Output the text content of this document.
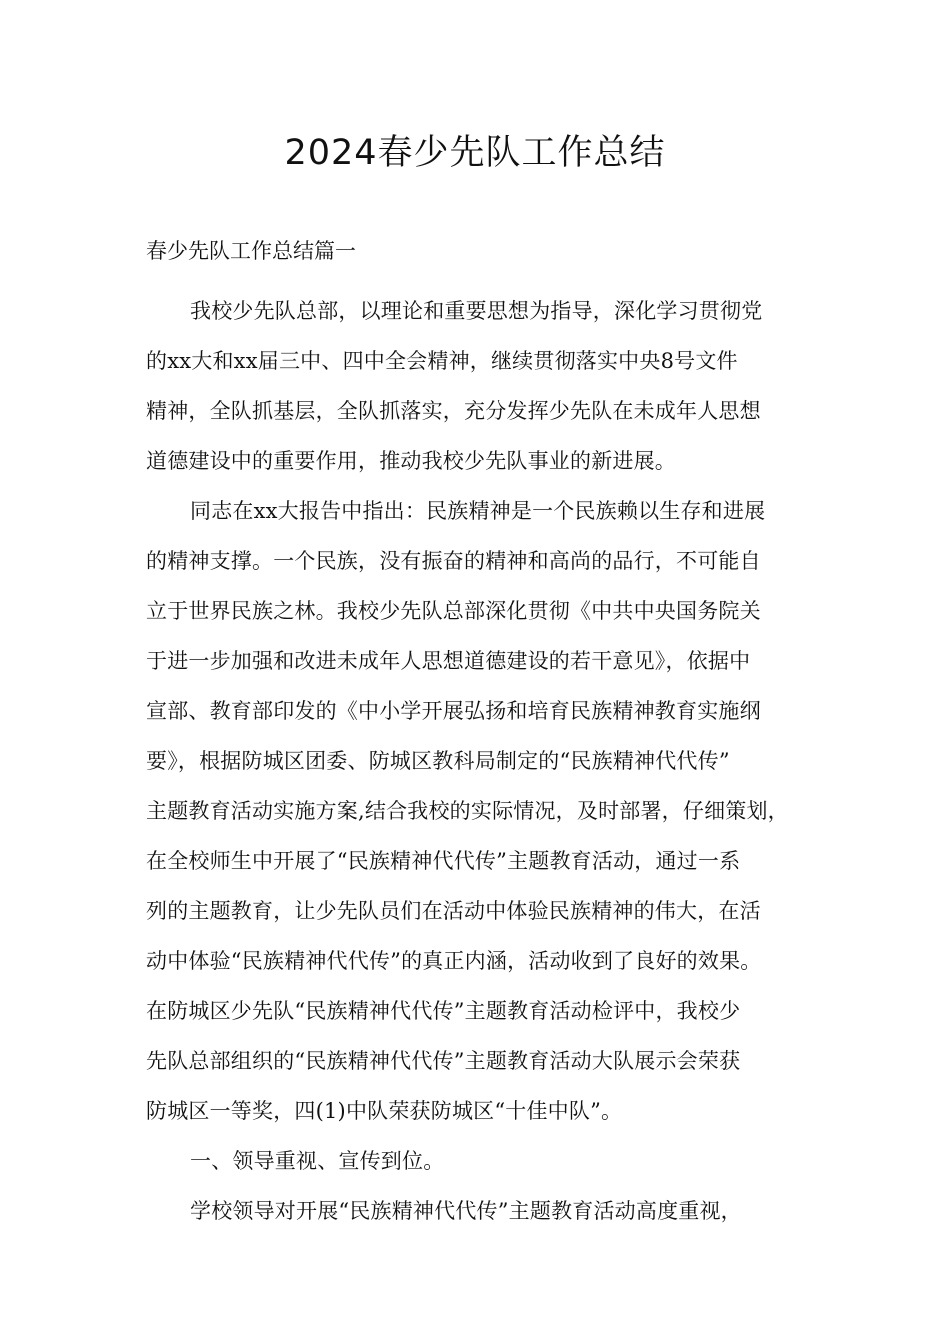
2024春少先队工作总结

春少先队工作总结篇一

我校少先队总部，以理论和重要思想为指导，深化学习贯彻党
的xx大和xx届三中、四中全会精神，继续贯彻落实中央8号文件
精神，全队抓基层，全队抓落实，充分发挥少先队在未成年人思想
道德建设中的重要作用，推动我校少先队事业的新进展。
同志在xx大报告中指出：民族精神是一个民族赖以生存和进展
的精神支撑。一个民族，没有振奋的精神和高尚的品行，不可能自
立于世界民族之林。我校少先队总部深化贯彻《中共中央国务院关
于进一步加强和改进未成年人思想道德建设的若干意见》，依据中
宣部、教育部印发的《中小学开展弘扬和培育民族精神教育实施纲
要》，根据防城区团委、防城区教科局制定的“民族精神代代传”
主题教育活动实施方案,结合我校的实际情况，及时部署，仔细策划，
在全校师生中开展了“民族精神代代传”主题教育活动，通过一系
列的主题教育，让少先队员们在活动中体验民族精神的伟大，在活
动中体验“民族精神代代传”的真正内涵，活动收到了良好的效果。
在防城区少先队“民族精神代代传”主题教育活动检评中，我校少
先队总部组织的“民族精神代代传”主题教育活动大队展示会荣获
防城区一等奖，四(1)中队荣获防城区“十佳中队”。
一、领导重视、宣传到位。
学校领导对开展“民族精神代代传”主题教育活动高度重视，
